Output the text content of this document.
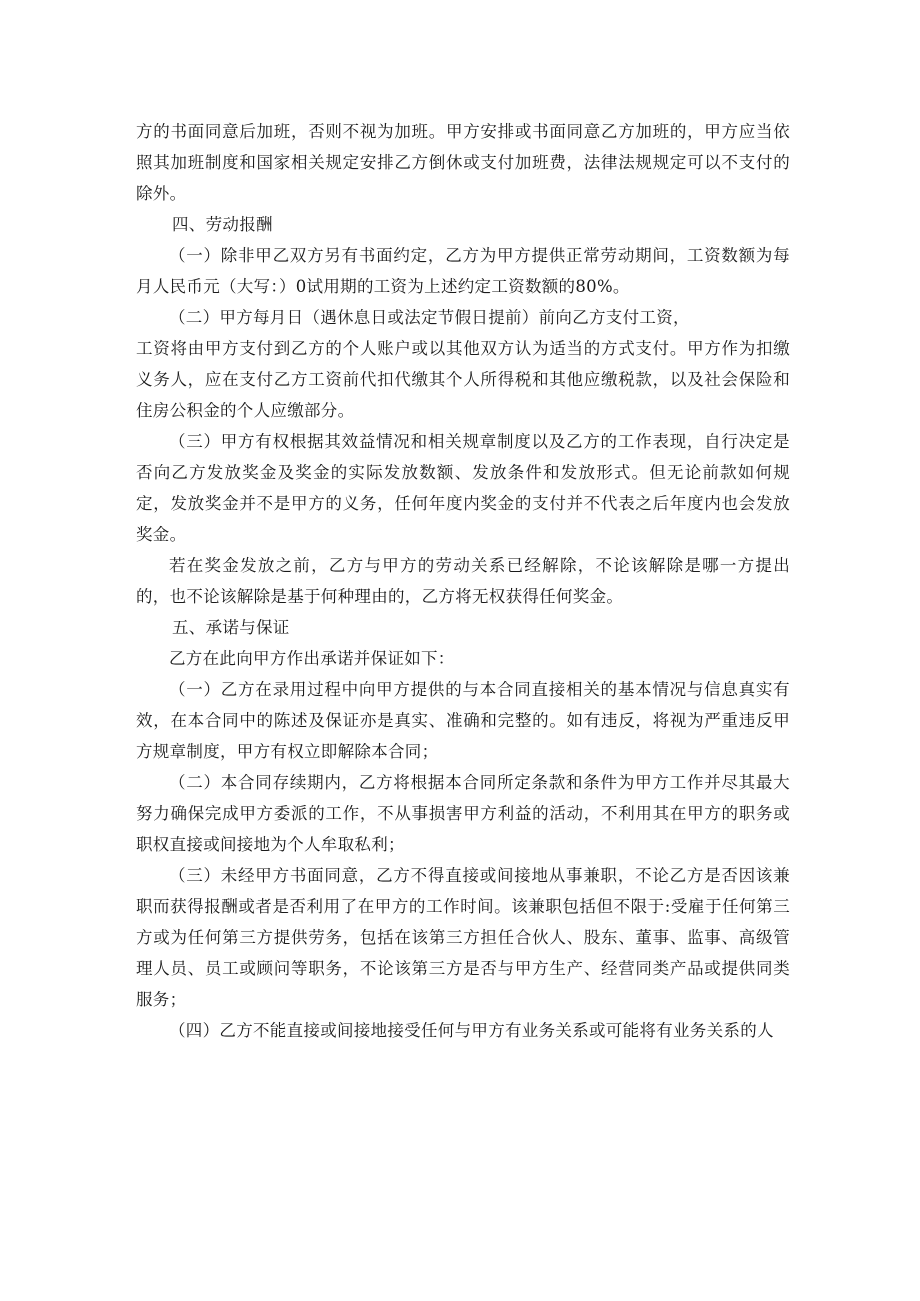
方的书面同意后加班，否则不视为加班。甲方安排或书面同意乙方加班的，甲方应当依照其加班制度和国家相关规定安排乙方倒休或支付加班费，法律法规规定可以不支付的除外。

四、劳动报酬

（一）除非甲乙双方另有书面约定，乙方为甲方提供正常劳动期间，工资数额为每月人民币元（大写：）0试用期的工资为上述约定工资数额的80%。

（二）甲方每月日（遇休息日或法定节假日提前）前向乙方支付工资，

工资将由甲方支付到乙方的个人账户或以其他双方认为适当的方式支付。甲方作为扣缴义务人，应在支付乙方工资前代扣代缴其个人所得税和其他应缴税款，以及社会保险和住房公积金的个人应缴部分。

（三）甲方有权根据其效益情况和相关规章制度以及乙方的工作表现，自行决定是否向乙方发放奖金及奖金的实际发放数额、发放条件和发放形式。但无论前款如何规定，发放奖金并不是甲方的义务，任何年度内奖金的支付并不代表之后年度内也会发放奖金。

若在奖金发放之前，乙方与甲方的劳动关系已经解除，不论该解除是哪一方提出的，也不论该解除是基于何种理由的，乙方将无权获得任何奖金。

五、承诺与保证

乙方在此向甲方作出承诺并保证如下：

（一）乙方在录用过程中向甲方提供的与本合同直接相关的基本情况与信息真实有效，在本合同中的陈述及保证亦是真实、准确和完整的。如有违反，将视为严重违反甲方规章制度，甲方有权立即解除本合同；

（二）本合同存续期内，乙方将根据本合同所定条款和条件为甲方工作并尽其最大努力确保完成甲方委派的工作，不从事损害甲方利益的活动，不利用其在甲方的职务或职权直接或间接地为个人牟取私利；

（三）未经甲方书面同意，乙方不得直接或间接地从事兼职，不论乙方是否因该兼职而获得报酬或者是否利用了在甲方的工作时间。该兼职包括但不限于:受雇于任何第三方或为任何第三方提供劳务，包括在该第三方担任合伙人、股东、董事、监事、高级管理人员、员工或顾问等职务，不论该第三方是否与甲方生产、经营同类产品或提供同类服务；

（四）乙方不能直接或间接地接受任何与甲方有业务关系或可能将有业务关系的人
